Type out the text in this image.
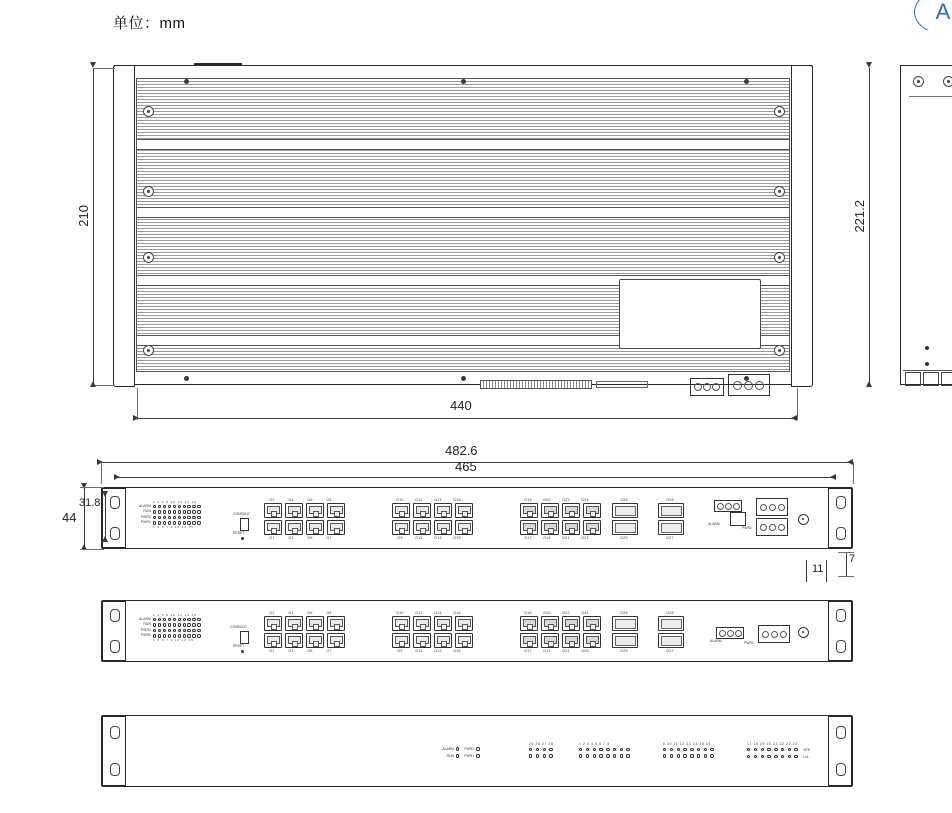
单位：mm	A
210
440
221.2
482.6
465
2 4 6 8 10 12 14 16
ALARM
RUN
PWR2
PWR1
1 3 5 7 9 11 13 15
CONSOLE
RESET
G2	G4	G6	G8
G1	G3	G5	G7
G10	G12	G14	G16
G9	G11	G13	G15
G18	G20	G22	G24
G17	G19	G21	G23
G26
G25
G28
G27
ALARM
PWR1
44
31.8
7
11
2 4 6 8 10 12 14 16
ALARM
RUN
PWR2
PWR1
1 3 5 7 9 11 13 15
CONSOLE
RESET
G2	G4	G6	G8
G1	G3	G5	G7
G10	G12	G14	G16
G9	G11	G13	G15
G18	G20	G22	G24
G17	G19	G21	G23
G26
G25
G28
G27
ALARM	PWR1
ALARM	PWR2
RUN	PWR1
25 26 27 28	1 2 3 4 5 6 7 8	9 10 11 12 13 14 15 16	17 18 19 20 21 22 23 24
SPD
L/A
